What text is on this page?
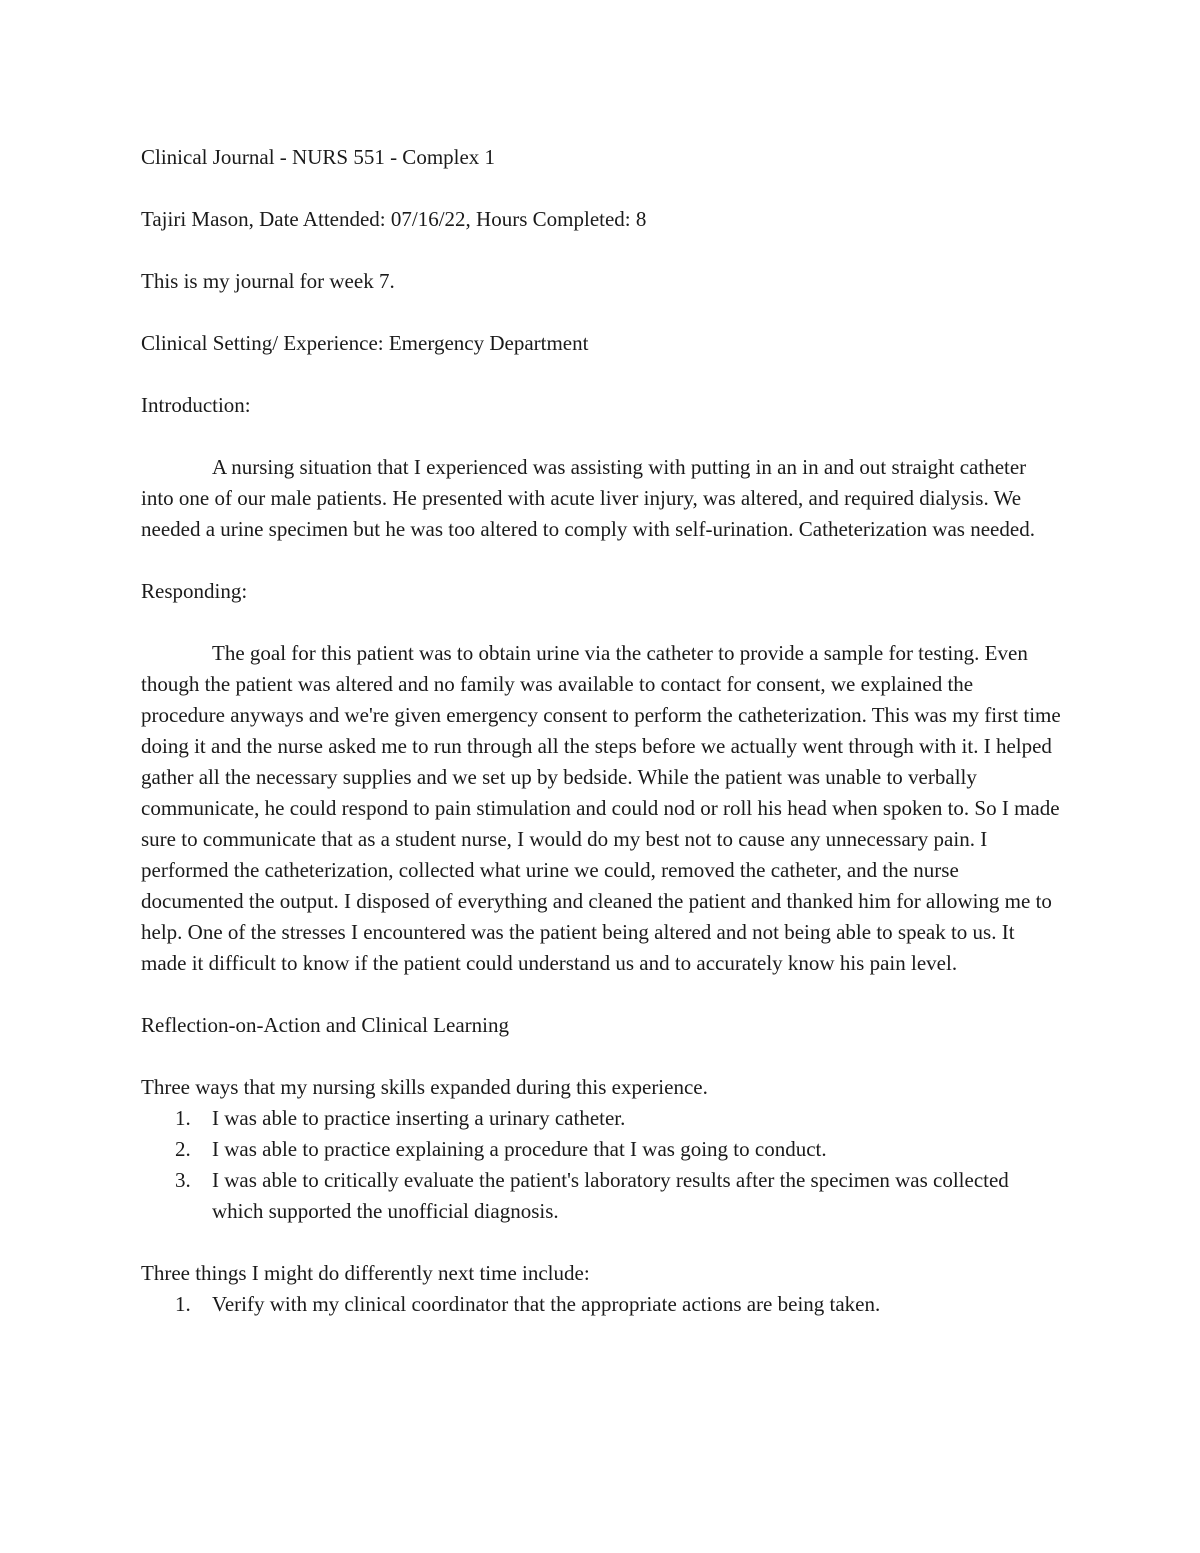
Clinical Journal - NURS 551 - Complex 1

Tajiri Mason, Date Attended: 07/16/22, Hours Completed: 8

This is my journal for week 7.

Clinical Setting/ Experience: Emergency Department

Introduction:

A nursing situation that I experienced was assisting with putting in an in and out straight catheter into one of our male patients. He presented with acute liver injury, was altered, and required dialysis. We needed a urine specimen but he was too altered to comply with self-urination. Catheterization was needed.

Responding:

The goal for this patient was to obtain urine via the catheter to provide a sample for testing. Even though the patient was altered and no family was available to contact for consent, we explained the procedure anyways and we're given emergency consent to perform the catheterization. This was my first time doing it and the nurse asked me to run through all the steps before we actually went through with it. I helped gather all the necessary supplies and we set up by bedside. While the patient was unable to verbally communicate, he could respond to pain stimulation and could nod or roll his head when spoken to. So I made sure to communicate that as a student nurse, I would do my best not to cause any unnecessary pain. I performed the catheterization, collected what urine we could, removed the catheter, and the nurse documented the output. I disposed of everything and cleaned the patient and thanked him for allowing me to help. One of the stresses I encountered was the patient being altered and not being able to speak to us. It made it difficult to know if the patient could understand us and to accurately know his pain level.

Reflection-on-Action and Clinical Learning

Three ways that my nursing skills expanded during this experience.

1. I was able to practice inserting a urinary catheter.
2. I was able to practice explaining a procedure that I was going to conduct.
3. I was able to critically evaluate the patient's laboratory results after the specimen was collected which supported the unofficial diagnosis.

Three things I might do differently next time include:

1. Verify with my clinical coordinator that the appropriate actions are being taken.
